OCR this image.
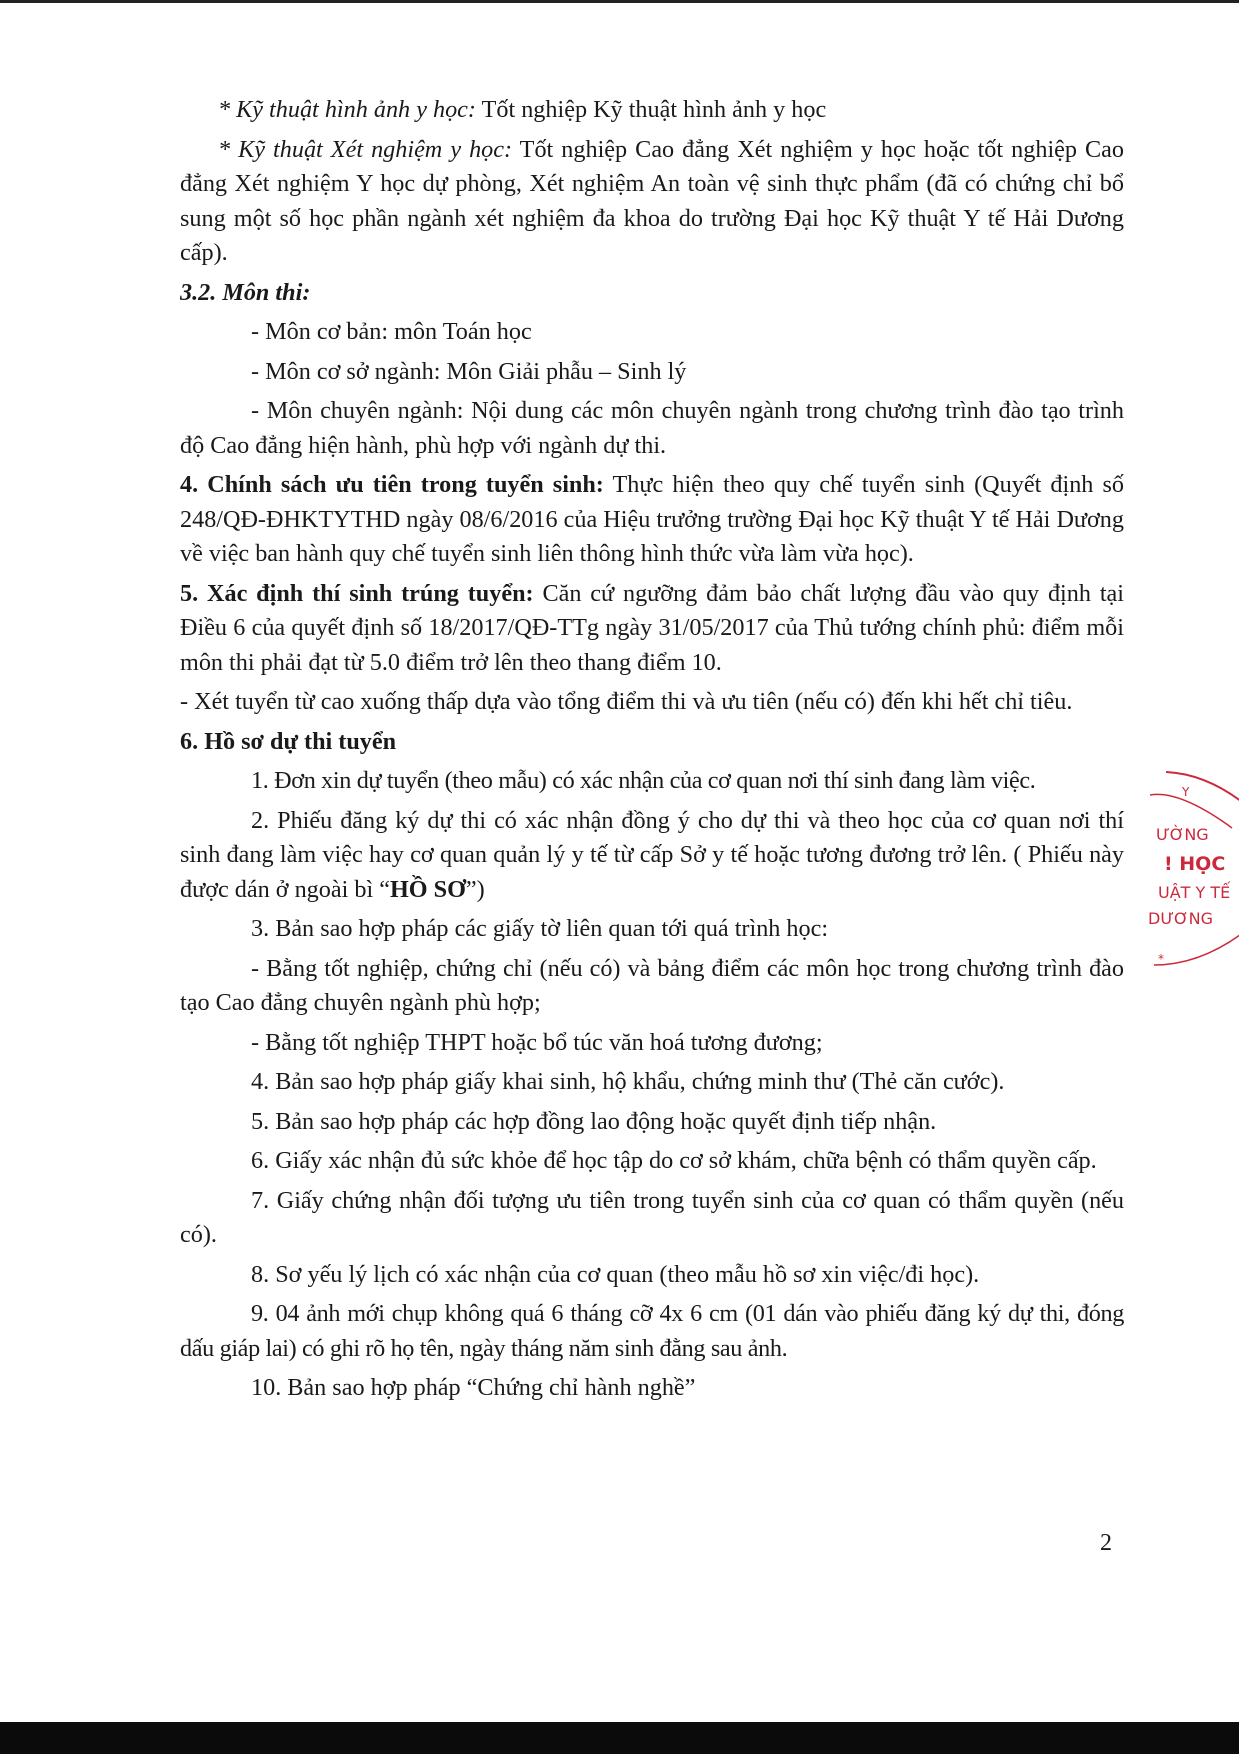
* Kỹ thuật hình ảnh y học: Tốt nghiệp Kỹ thuật hình ảnh y học

* Kỹ thuật Xét nghiệm y học: Tốt nghiệp Cao đẳng Xét nghiệm y học hoặc tốt nghiệp Cao đẳng Xét nghiệm Y học dự phòng, Xét nghiệm An toàn vệ sinh thực phẩm (đã có chứng chỉ bổ sung một số học phần ngành xét nghiệm đa khoa do trường Đại học Kỹ thuật Y tế Hải Dương cấp).

3.2. Môn thi:

- Môn cơ bản: môn Toán học

- Môn cơ sở ngành: Môn Giải phẫu – Sinh lý

- Môn chuyên ngành: Nội dung các môn chuyên ngành trong chương trình đào tạo trình độ Cao đẳng hiện hành, phù hợp với ngành dự thi.

4. Chính sách ưu tiên trong tuyển sinh: Thực hiện theo quy chế tuyển sinh (Quyết định số 248/QĐ-ĐHKTYTHD ngày 08/6/2016 của Hiệu trưởng trường Đại học Kỹ thuật Y tế Hải Dương về việc ban hành quy chế tuyển sinh liên thông hình thức vừa làm vừa học).

5. Xác định thí sinh trúng tuyển: Căn cứ ngưỡng đảm bảo chất lượng đầu vào quy định tại Điều 6 của quyết định số 18/2017/QĐ-TTg ngày 31/05/2017 của Thủ tướng chính phủ: điểm mỗi môn thi phải đạt từ 5.0 điểm trở lên theo thang điểm 10.

- Xét tuyển từ cao xuống thấp dựa vào tổng điểm thi và ưu tiên (nếu có) đến khi hết chỉ tiêu.

6. Hồ sơ dự thi tuyển

1. Đơn xin dự tuyển (theo mẫu) có xác nhận của cơ quan nơi thí sinh đang làm việc.

2. Phiếu đăng ký dự thi có xác nhận đồng ý cho dự thi và theo học của cơ quan nơi thí sinh đang làm việc hay cơ quan quản lý y tế từ cấp Sở y tế hoặc tương đương trở lên. ( Phiếu này được dán ở ngoài bì “HỒ SƠ”)

3. Bản sao hợp pháp các giấy tờ liên quan tới quá trình học:

- Bằng tốt nghiệp, chứng chỉ (nếu có) và bảng điểm các môn học trong chương trình đào tạo Cao đẳng chuyên ngành phù hợp;

- Bằng tốt nghiệp THPT hoặc bổ túc văn hoá tương đương;

4. Bản sao hợp pháp giấy khai sinh, hộ khẩu, chứng minh thư (Thẻ căn cước).

5. Bản sao hợp pháp các hợp đồng lao động hoặc quyết định tiếp nhận.

6. Giấy xác nhận đủ sức khỏe để học tập do cơ sở khám, chữa bệnh có thẩm quyền cấp.

7. Giấy chứng nhận đối tượng ưu tiên trong tuyển sinh của cơ quan có thẩm quyền (nếu có).

8. Sơ yếu lý lịch có xác nhận của cơ quan (theo mẫu hồ sơ xin việc/đi học).

9. 04 ảnh mới chụp không quá 6 tháng cỡ 4x 6 cm (01 dán vào phiếu đăng ký dự thi, đóng dấu giáp lai) có ghi rõ họ tên, ngày tháng năm sinh đằng sau ảnh.

10. Bản sao hợp pháp “Chứng chỉ hành nghề”

2
Y
ƯỜNG
! HỌC
UẬT Y TẾ
DƯƠNG
*
